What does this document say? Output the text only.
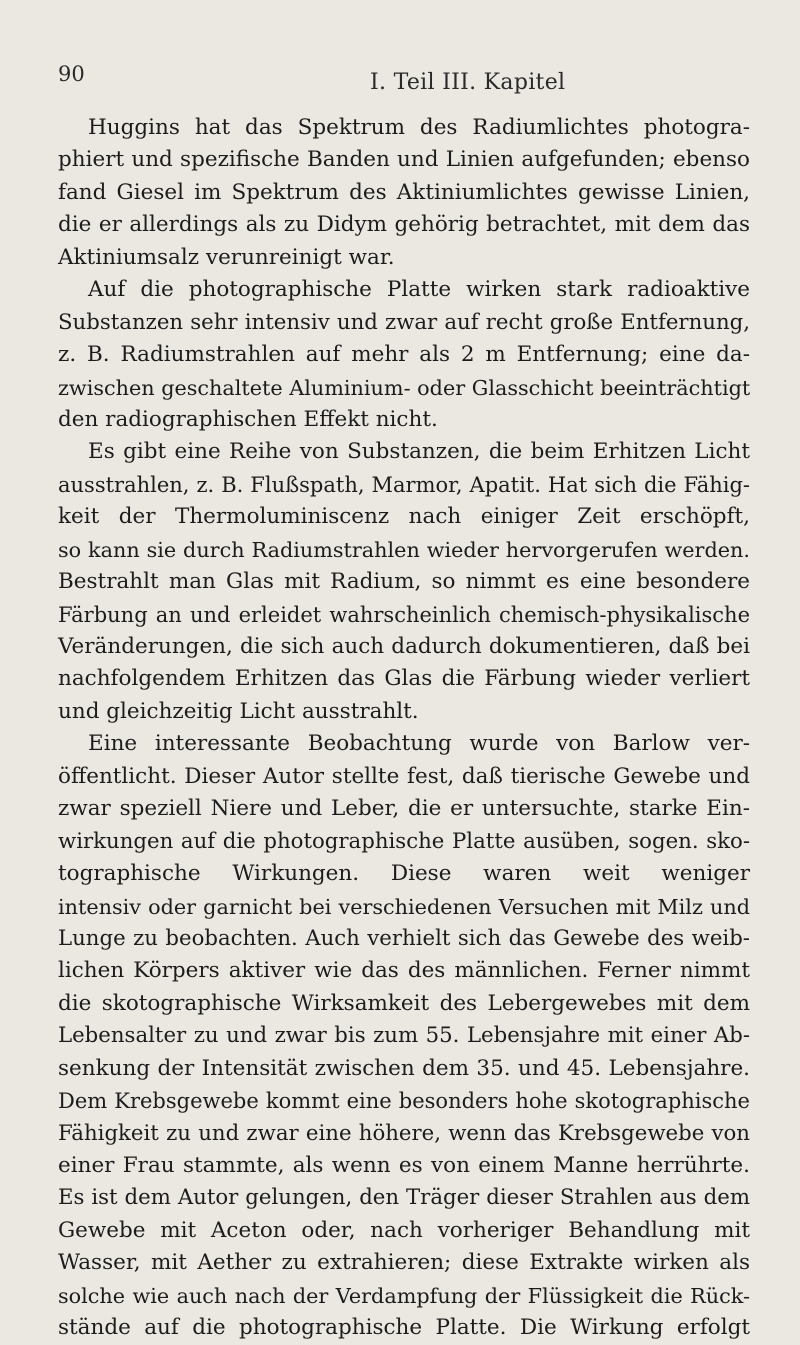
90	I. Teil III. Kapitel
Huggins hat das Spektrum des Radiumlichtes photogra-
phiert und spezifische Banden und Linien aufgefunden; ebenso
fand Giesel im Spektrum des Aktiniumlichtes gewisse Linien,
die er allerdings als zu Didym gehörig betrachtet, mit dem das
Aktiniumsalz verunreinigt war.
Auf die photographische Platte wirken stark radioaktive
Substanzen sehr intensiv und zwar auf recht große Entfernung,
z. B. Radiumstrahlen auf mehr als 2 m Entfernung; eine da-
zwischen geschaltete Aluminium- oder Glasschicht beeinträchtigt
den radiographischen Effekt nicht.
Es gibt eine Reihe von Substanzen, die beim Erhitzen Licht
ausstrahlen, z. B. Flußspath, Marmor, Apatit. Hat sich die Fähig-
keit der Thermoluminiscenz nach einiger Zeit erschöpft,
so kann sie durch Radiumstrahlen wieder hervorgerufen werden.
Bestrahlt man Glas mit Radium, so nimmt es eine besondere
Färbung an und erleidet wahrscheinlich chemisch-physikalische
Veränderungen, die sich auch dadurch dokumentieren, daß bei
nachfolgendem Erhitzen das Glas die Färbung wieder verliert
und gleichzeitig Licht ausstrahlt.
Eine interessante Beobachtung wurde von Barlow ver-
öffentlicht. Dieser Autor stellte fest, daß tierische Gewebe und
zwar speziell Niere und Leber, die er untersuchte, starke Ein-
wirkungen auf die photographische Platte ausüben, sogen. sko-
tographische Wirkungen. Diese waren weit weniger
intensiv oder garnicht bei verschiedenen Versuchen mit Milz und
Lunge zu beobachten. Auch verhielt sich das Gewebe des weib-
lichen Körpers aktiver wie das des männlichen. Ferner nimmt
die skotographische Wirksamkeit des Lebergewebes mit dem
Lebensalter zu und zwar bis zum 55. Lebensjahre mit einer Ab-
senkung der Intensität zwischen dem 35. und 45. Lebensjahre.
Dem Krebsgewebe kommt eine besonders hohe skotographische
Fähigkeit zu und zwar eine höhere, wenn das Krebsgewebe von
einer Frau stammte, als wenn es von einem Manne herrührte.
Es ist dem Autor gelungen, den Träger dieser Strahlen aus dem
Gewebe mit Aceton oder, nach vorheriger Behandlung mit
Wasser, mit Aether zu extrahieren; diese Extrakte wirken als
solche wie auch nach der Verdampfung der Flüssigkeit die Rück-
stände auf die photographische Platte. Die Wirkung erfolgt
